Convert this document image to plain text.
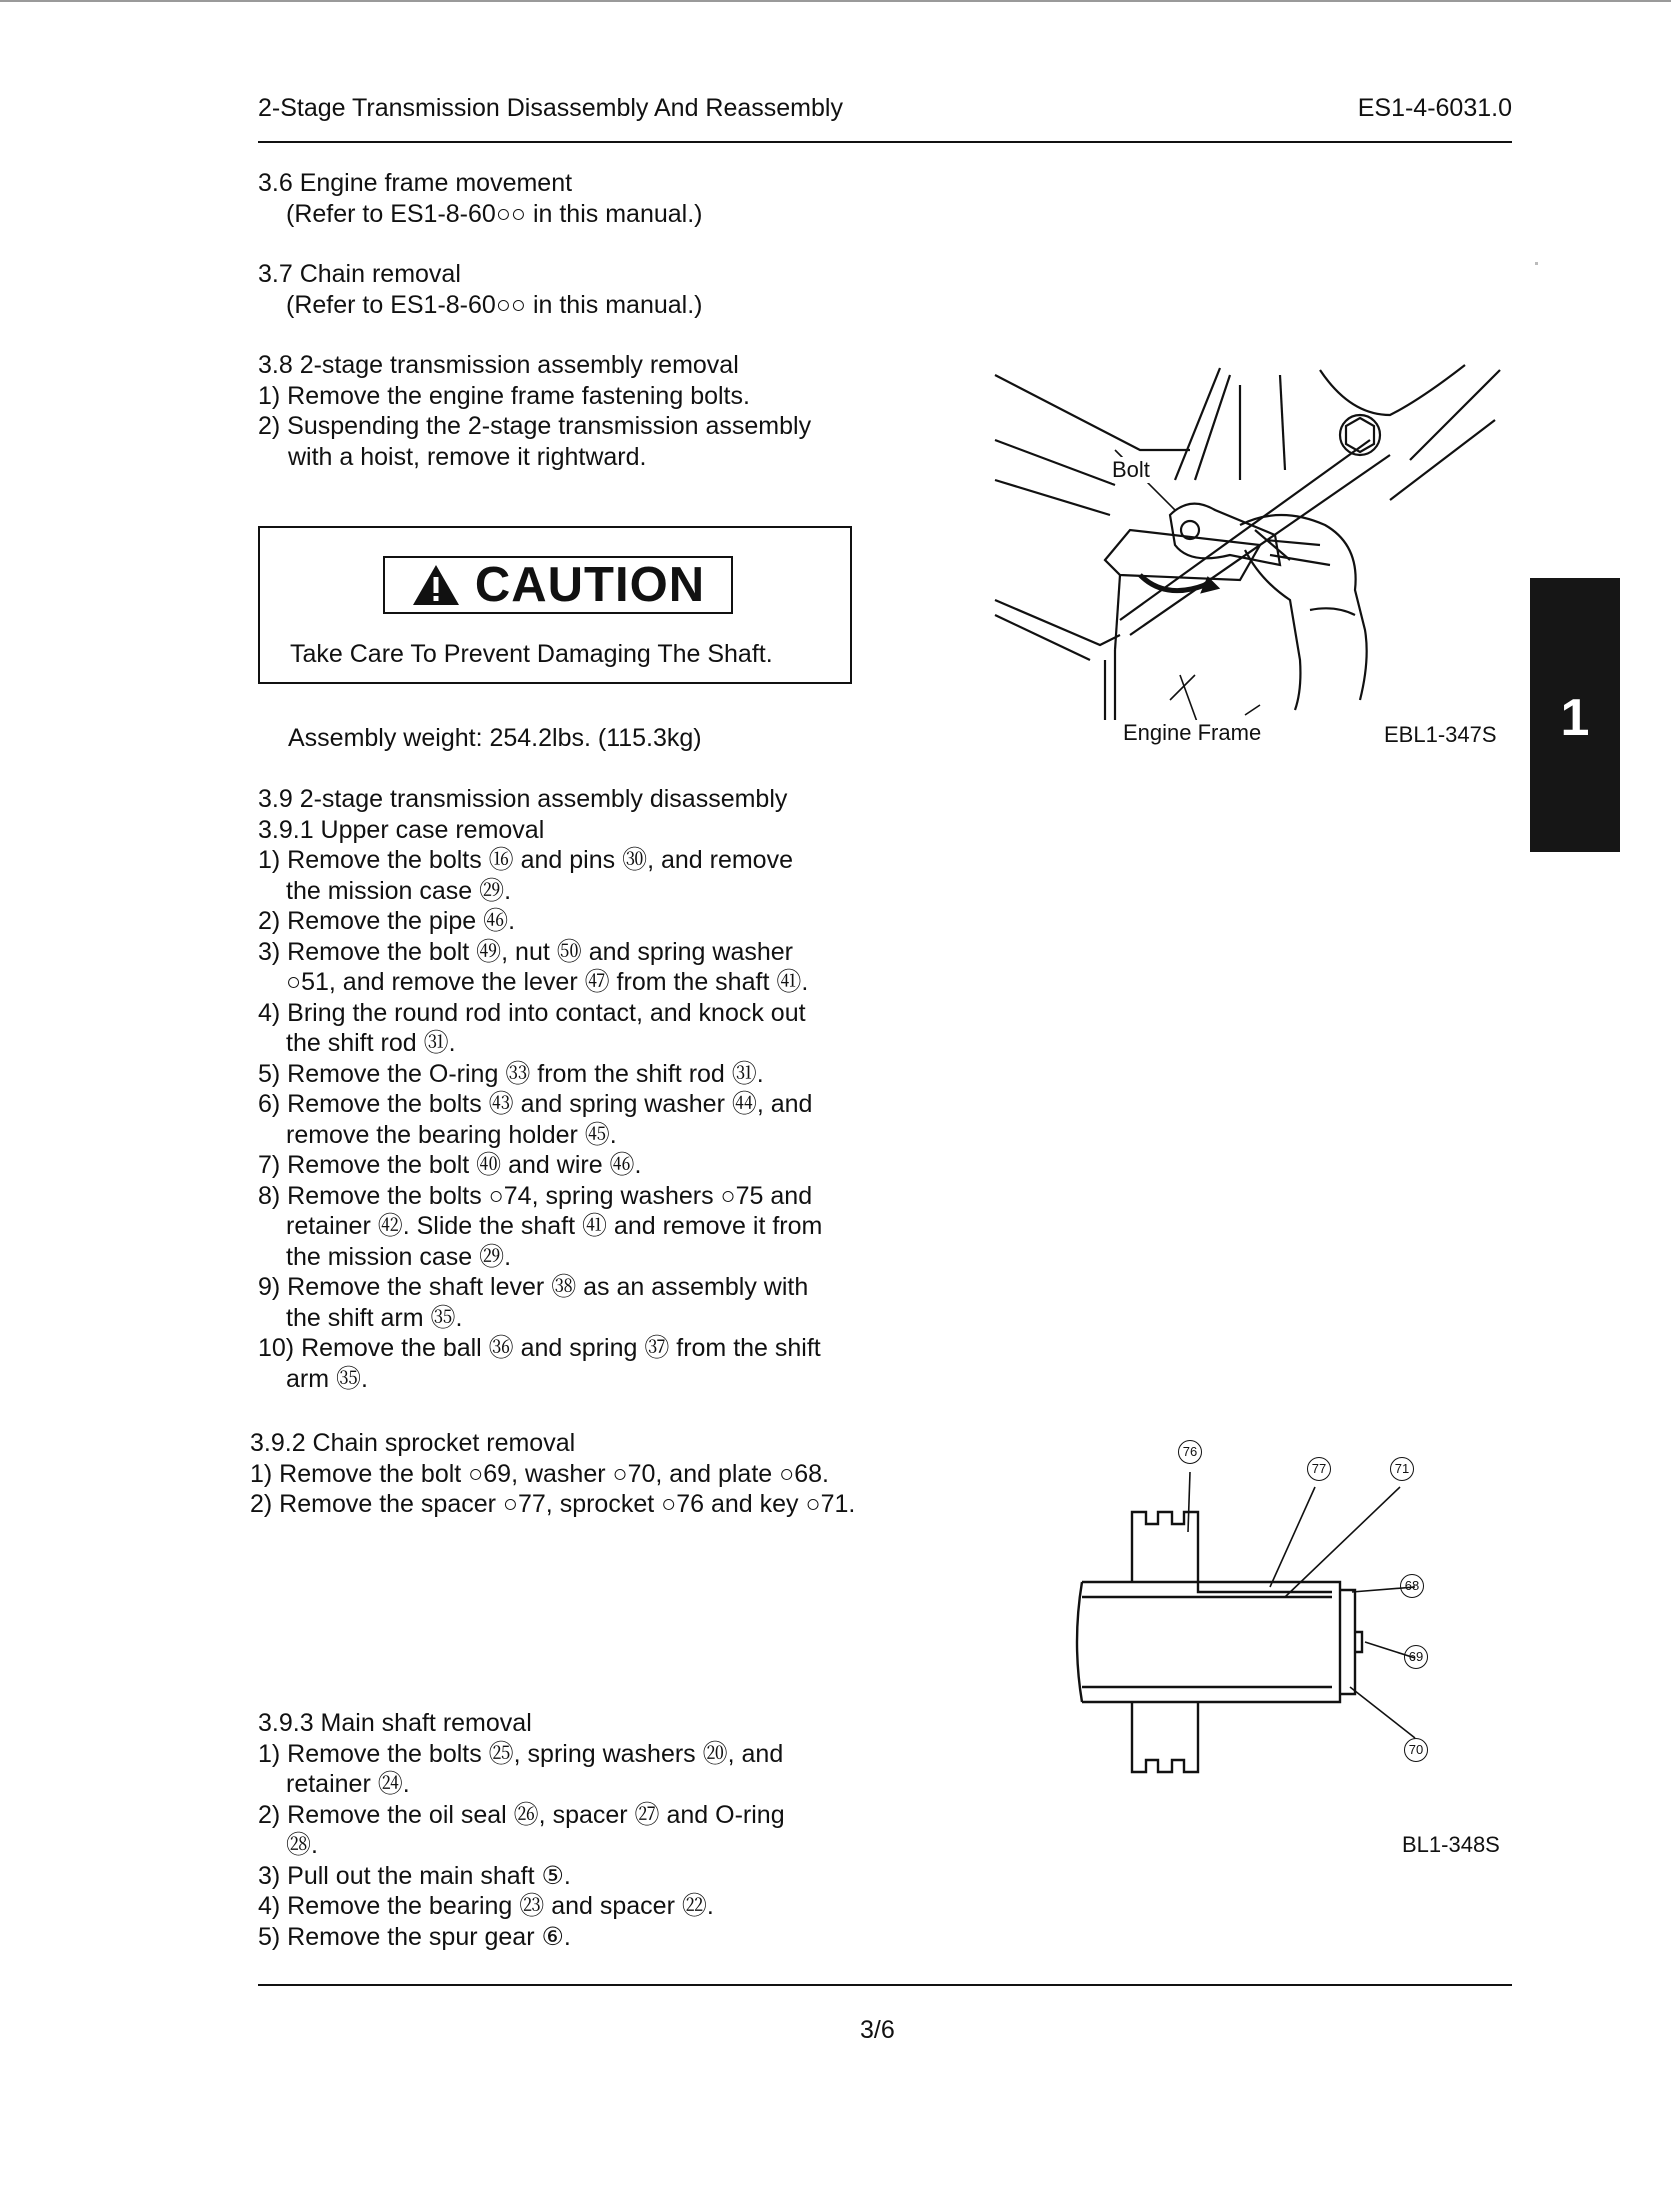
2-Stage Transmission Disassembly And Reassembly	ES1-4-6031.0
3.6 Engine frame movement
(Refer to ES1-8-60○○ in this manual.)
3.7 Chain removal
(Refer to ES1-8-60○○ in this manual.)
3.8 2-stage transmission assembly removal
1) Remove the engine frame fastening bolts.
2) Suspending the 2-stage transmission assembly
with a hoist, remove it rightward.
CAUTION
Take Care To Prevent Damaging The Shaft.
Assembly weight: 254.2lbs. (115.3kg)
3.9 2-stage transmission assembly disassembly
3.9.1 Upper case removal
1) Remove the bolts ⑯ and pins ㉚, and remove
the mission case ㉙.
2) Remove the pipe ㊻.
3) Remove the bolt ㊾, nut ㊿ and spring washer
○51, and remove the lever ㊼ from the shaft ㊶.
4) Bring the round rod into contact, and knock out
the shift rod ㉛.
5) Remove the O-ring ㉝ from the shift rod ㉛.
6) Remove the bolts ㊸ and spring washer ㊹, and
remove the bearing holder ㊺.
7) Remove the bolt ㊵ and wire ㊻.
8) Remove the bolts ○74, spring washers ○75 and
retainer ㊷. Slide the shaft ㊶ and remove it from
the mission case ㉙.
9) Remove the shaft lever ㊳ as an assembly with
the shift arm ㉟.
10) Remove the ball ㊱ and spring ㊲ from the shift
arm ㉟.
3.9.2 Chain sprocket removal
1) Remove the bolt ○69, washer ○70, and plate ○68.
2) Remove the spacer ○77, sprocket ○76 and key ○71.
3.9.3 Main shaft removal
1) Remove the bolts ㉕, spring washers ⑳, and
retainer ㉔.
2) Remove the oil seal ㉖, spacer ㉗ and O-ring
㉘.
3) Pull out the main shaft ⑤.
4) Remove the bearing ㉓ and spacer ㉒.
5) Remove the spur gear ⑥.
Bolt
Engine Frame	EBL1-347S
76
77	71
68
69
70
BL1-348S
1
3/6
